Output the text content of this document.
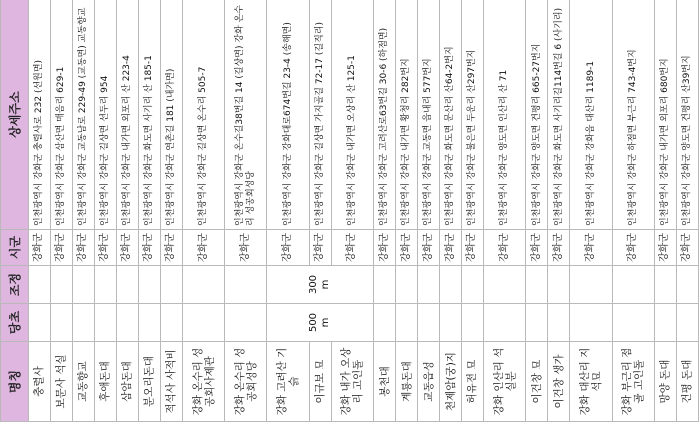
명칭	당초	조정	시군	상세주소
충렬사			강화군	인천광역시 강화군 충렬사로 232 (선원면)
보문사 석실			강화군	인천광역시 강화군 삼산면 매음리 629-1
교동향교			강화군	인천광역시 강화군 교동남로 229-49 (교동면) 교동향교
후애돈대			강화군	인천광역시 강화군 길상면 선두리 954
삼암돈대			강화군	인천광역시 강화군 내가면 외포리 산 223-4
분오리돈대			강화군	인천광역시 강화군 화도면 사기리 산 185-1
적석사 사적비			강화군	인천광역시 강화군 연촌길 181 (내가면)
강화 온수리 성공회사제관			강화군	인천광역시 강화군 길상면 온수리 505-7
강화 온수리 성공회성당			강화군	인천광역시 강화군 온수길38번길 14 (길상면) 강화 온수리 성공회성당
강화 고려산 기슭	500 m	300 m	강화군	인천광역시 강화군 강화대로674번길 23-4 (송해면)
이규보 묘			강화군	인천광역시 강화군 길상면 가지골길 72-17 (길직리)
강화 내가 오상리 고인돌			강화군	인천광역시 강화군 내가면 오상리 산 125-1
봉천대			강화군	인천광역시 강화군 고려산로63번길 30-6 (하점면)
계룡돈대			강화군	인천광역시 강화군 내가면 황청리 282번지
교동읍성			강화군	인천광역시 강화군 교동면 읍내리 577번지
천제암(궁)지			강화군	인천광역시 강화군 화도면 문산리 산64-2번지
허유전 묘			강화군	인천광역시 강화군 불은면 두운리 산297번지
강화 인산리 석실분			강화군	인천광역시 강화군 양도면 인산리 산 71
이건창 묘			강화군	인천광역시 강화군 양도면 건평리 665-27번지
이건창 생가			강화군	인천광역시 강화군 화도면 사기리길114번길 6 (사기리)
강화 대산리 지석묘			강화군	인천광역시 강화군 강화읍 대산리 1189-1
강화 부근리 점골 고인돌			강화군	인천광역시 강화군 하점면 부근리 743-4번지
망양 돈대			강화군	인천광역시 강화군 내가면 외포리 680번지
건평 돈대			강화군	인천광역시 강화군 양도면 건평리 산39번지
